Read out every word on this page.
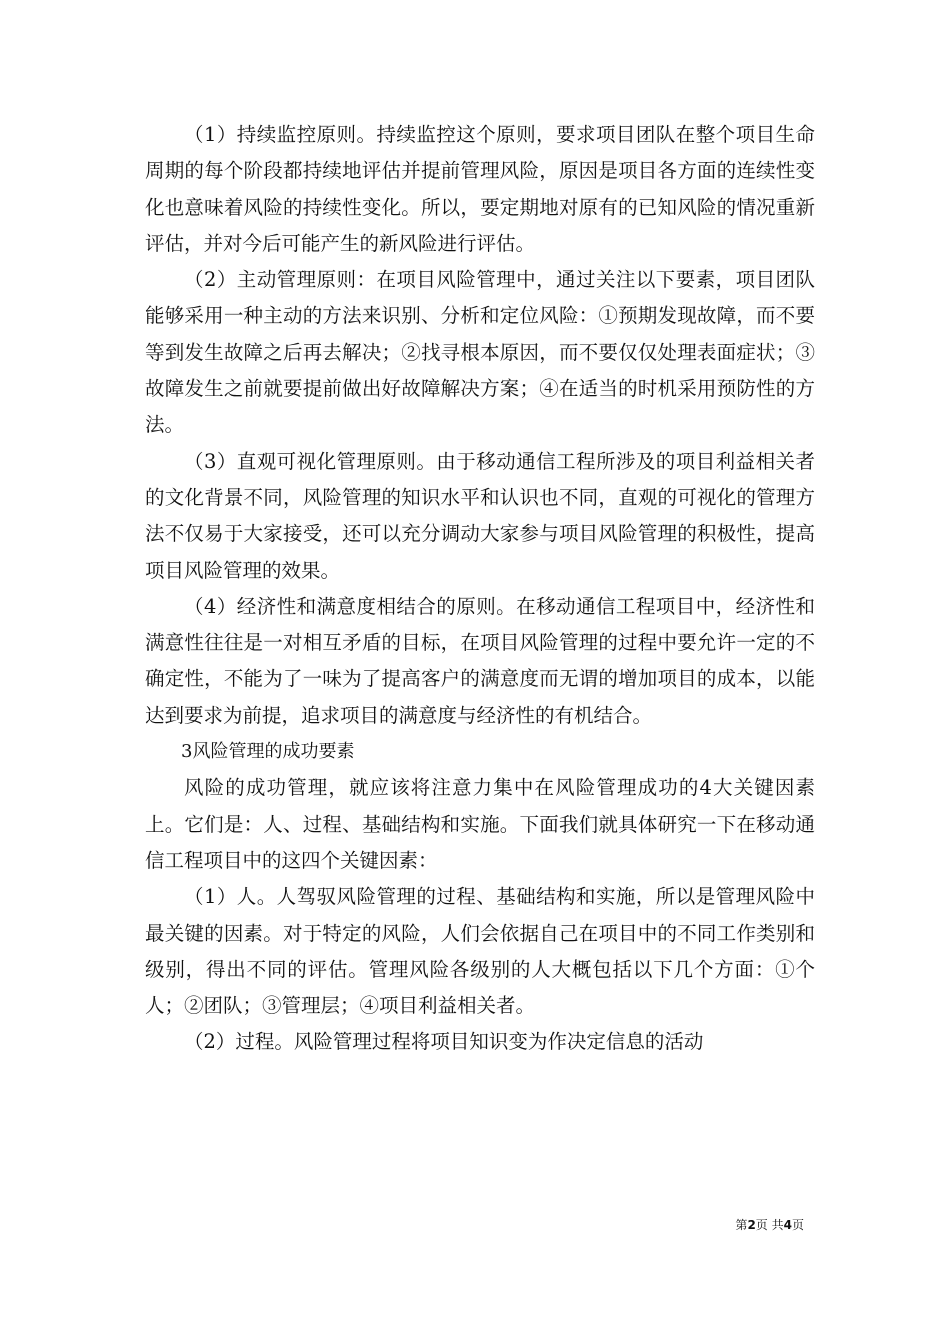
（1）持续监控原则。持续监控这个原则，要求项目团队在整个项目生命周期的每个阶段都持续地评估并提前管理风险，原因是项目各方面的连续性变化也意味着风险的持续性变化。所以，要定期地对原有的已知风险的情况重新评估，并对今后可能产生的新风险进行评估。

（2）主动管理原则：在项目风险管理中，通过关注以下要素，项目团队能够采用一种主动的方法来识别、分析和定位风险：①预期发现故障，而不要等到发生故障之后再去解决；②找寻根本原因，而不要仅仅处理表面症状；③故障发生之前就要提前做出好故障解决方案；④在适当的时机采用预防性的方法。

（3）直观可视化管理原则。由于移动通信工程所涉及的项目利益相关者的文化背景不同，风险管理的知识水平和认识也不同，直观的可视化的管理方法不仅易于大家接受，还可以充分调动大家参与项目风险管理的积极性，提高项目风险管理的效果。

（4）经济性和满意度相结合的原则。在移动通信工程项目中，经济性和满意性往往是一对相互矛盾的目标，在项目风险管理的过程中要允许一定的不确定性，不能为了一味为了提高客户的满意度而无谓的增加项目的成本，以能达到要求为前提，追求项目的满意度与经济性的有机结合。

3风险管理的成功要素

风险的成功管理，就应该将注意力集中在风险管理成功的4大关键因素上。它们是：人、过程、基础结构和实施。下面我们就具体研究一下在移动通信工程项目中的这四个关键因素：

（1）人。人驾驭风险管理的过程、基础结构和实施，所以是管理风险中最关键的因素。对于特定的风险，人们会依据自己在项目中的不同工作类别和级别，得出不同的评估。管理风险各级别的人大概包括以下几个方面：①个人；②团队；③管理层；④项目利益相关者。

（2）过程。风险管理过程将项目知识变为作决定信息的活动

第2页 共4页
